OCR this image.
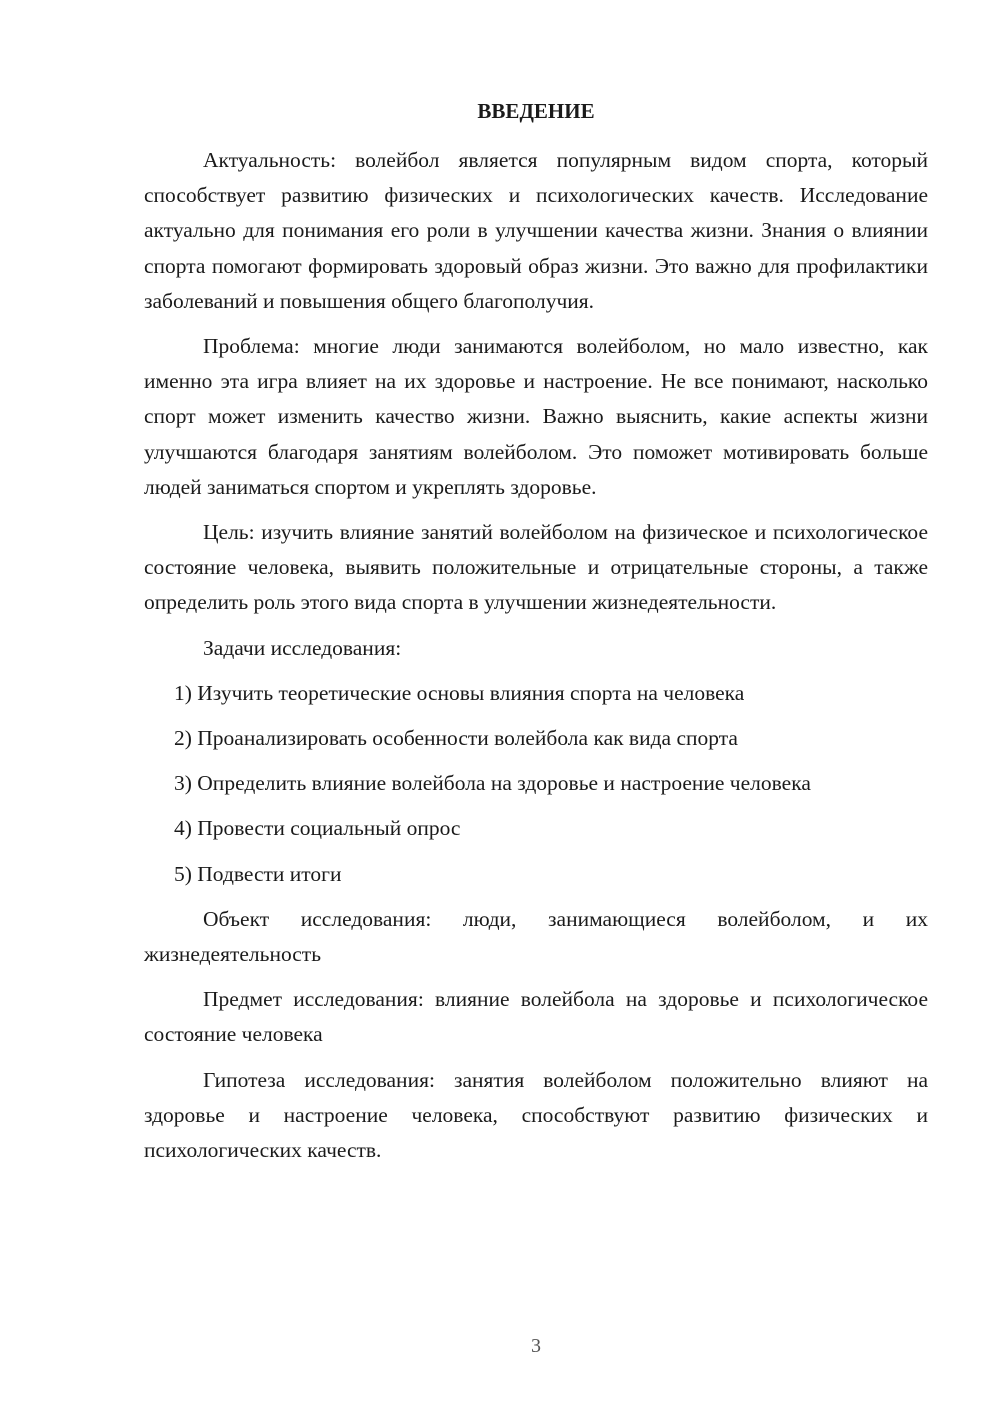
ВВЕДЕНИЕ

Актуальность: волейбол является популярным видом спорта, который способствует развитию физических и психологических качеств. Исследование актуально для понимания его роли в улучшении качества жизни. Знания о влиянии спорта помогают формировать здоровый образ жизни. Это важно для профилактики заболеваний и повышения общего благополучия.

Проблема: многие люди занимаются волейболом, но мало известно, как именно эта игра влияет на их здоровье и настроение. Не все понимают, насколько спорт может изменить качество жизни. Важно выяснить, какие аспекты жизни улучшаются благодаря занятиям волейболом. Это поможет мотивировать больше людей заниматься спортом и укреплять здоровье.

Цель: изучить влияние занятий волейболом на физическое и психологическое состояние человека, выявить положительные и отрицательные стороны, а также определить роль этого вида спорта в улучшении жизнедеятельности.

Задачи исследования:

1) Изучить теоретические основы влияния спорта на человека

2) Проанализировать особенности волейбола как вида спорта

3) Определить влияние волейбола на здоровье и настроение человека

4) Провести социальный опрос

5) Подвести итоги

Объект исследования: люди, занимающиеся волейболом, и их жизнедеятельность

Предмет исследования: влияние волейбола на здоровье и психологическое состояние человека

Гипотеза исследования: занятия волейболом положительно влияют на здоровье и настроение человека, способствуют развитию физических и психологических качеств.

3
